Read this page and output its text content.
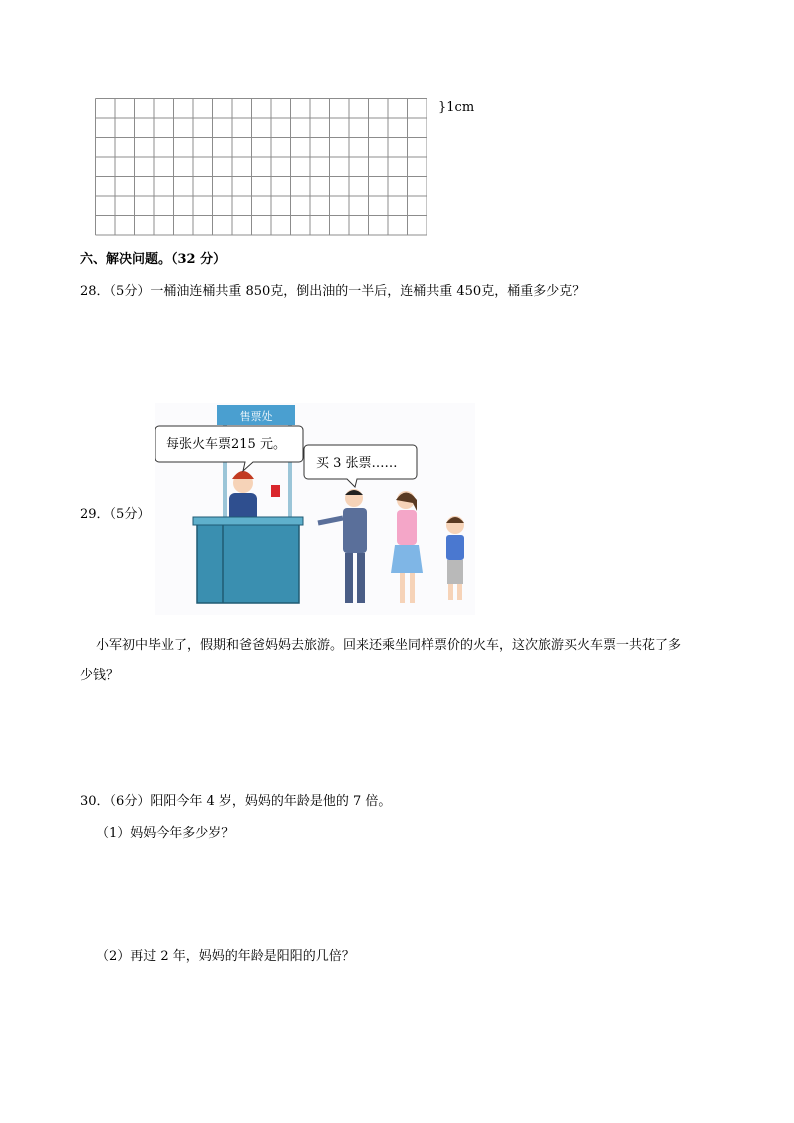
}1cm
六、解决问题。（32 分）
28．（5分）一桶油连桶共重 850克，倒出油的一半后，连桶共重 450克，桶重多少克？
29．（5分）
售票处
每张火车票215 元。
买 3 张票……
小军初中毕业了，假期和爸爸妈妈去旅游。回来还乘坐同样票价的火车，这次旅游买火车票一共花了多
少钱？
30．（6分）阳阳今年 4 岁，妈妈的年龄是他的 7 倍。
（1）妈妈今年多少岁？
（2）再过 2 年，妈妈的年龄是阳阳的几倍？
